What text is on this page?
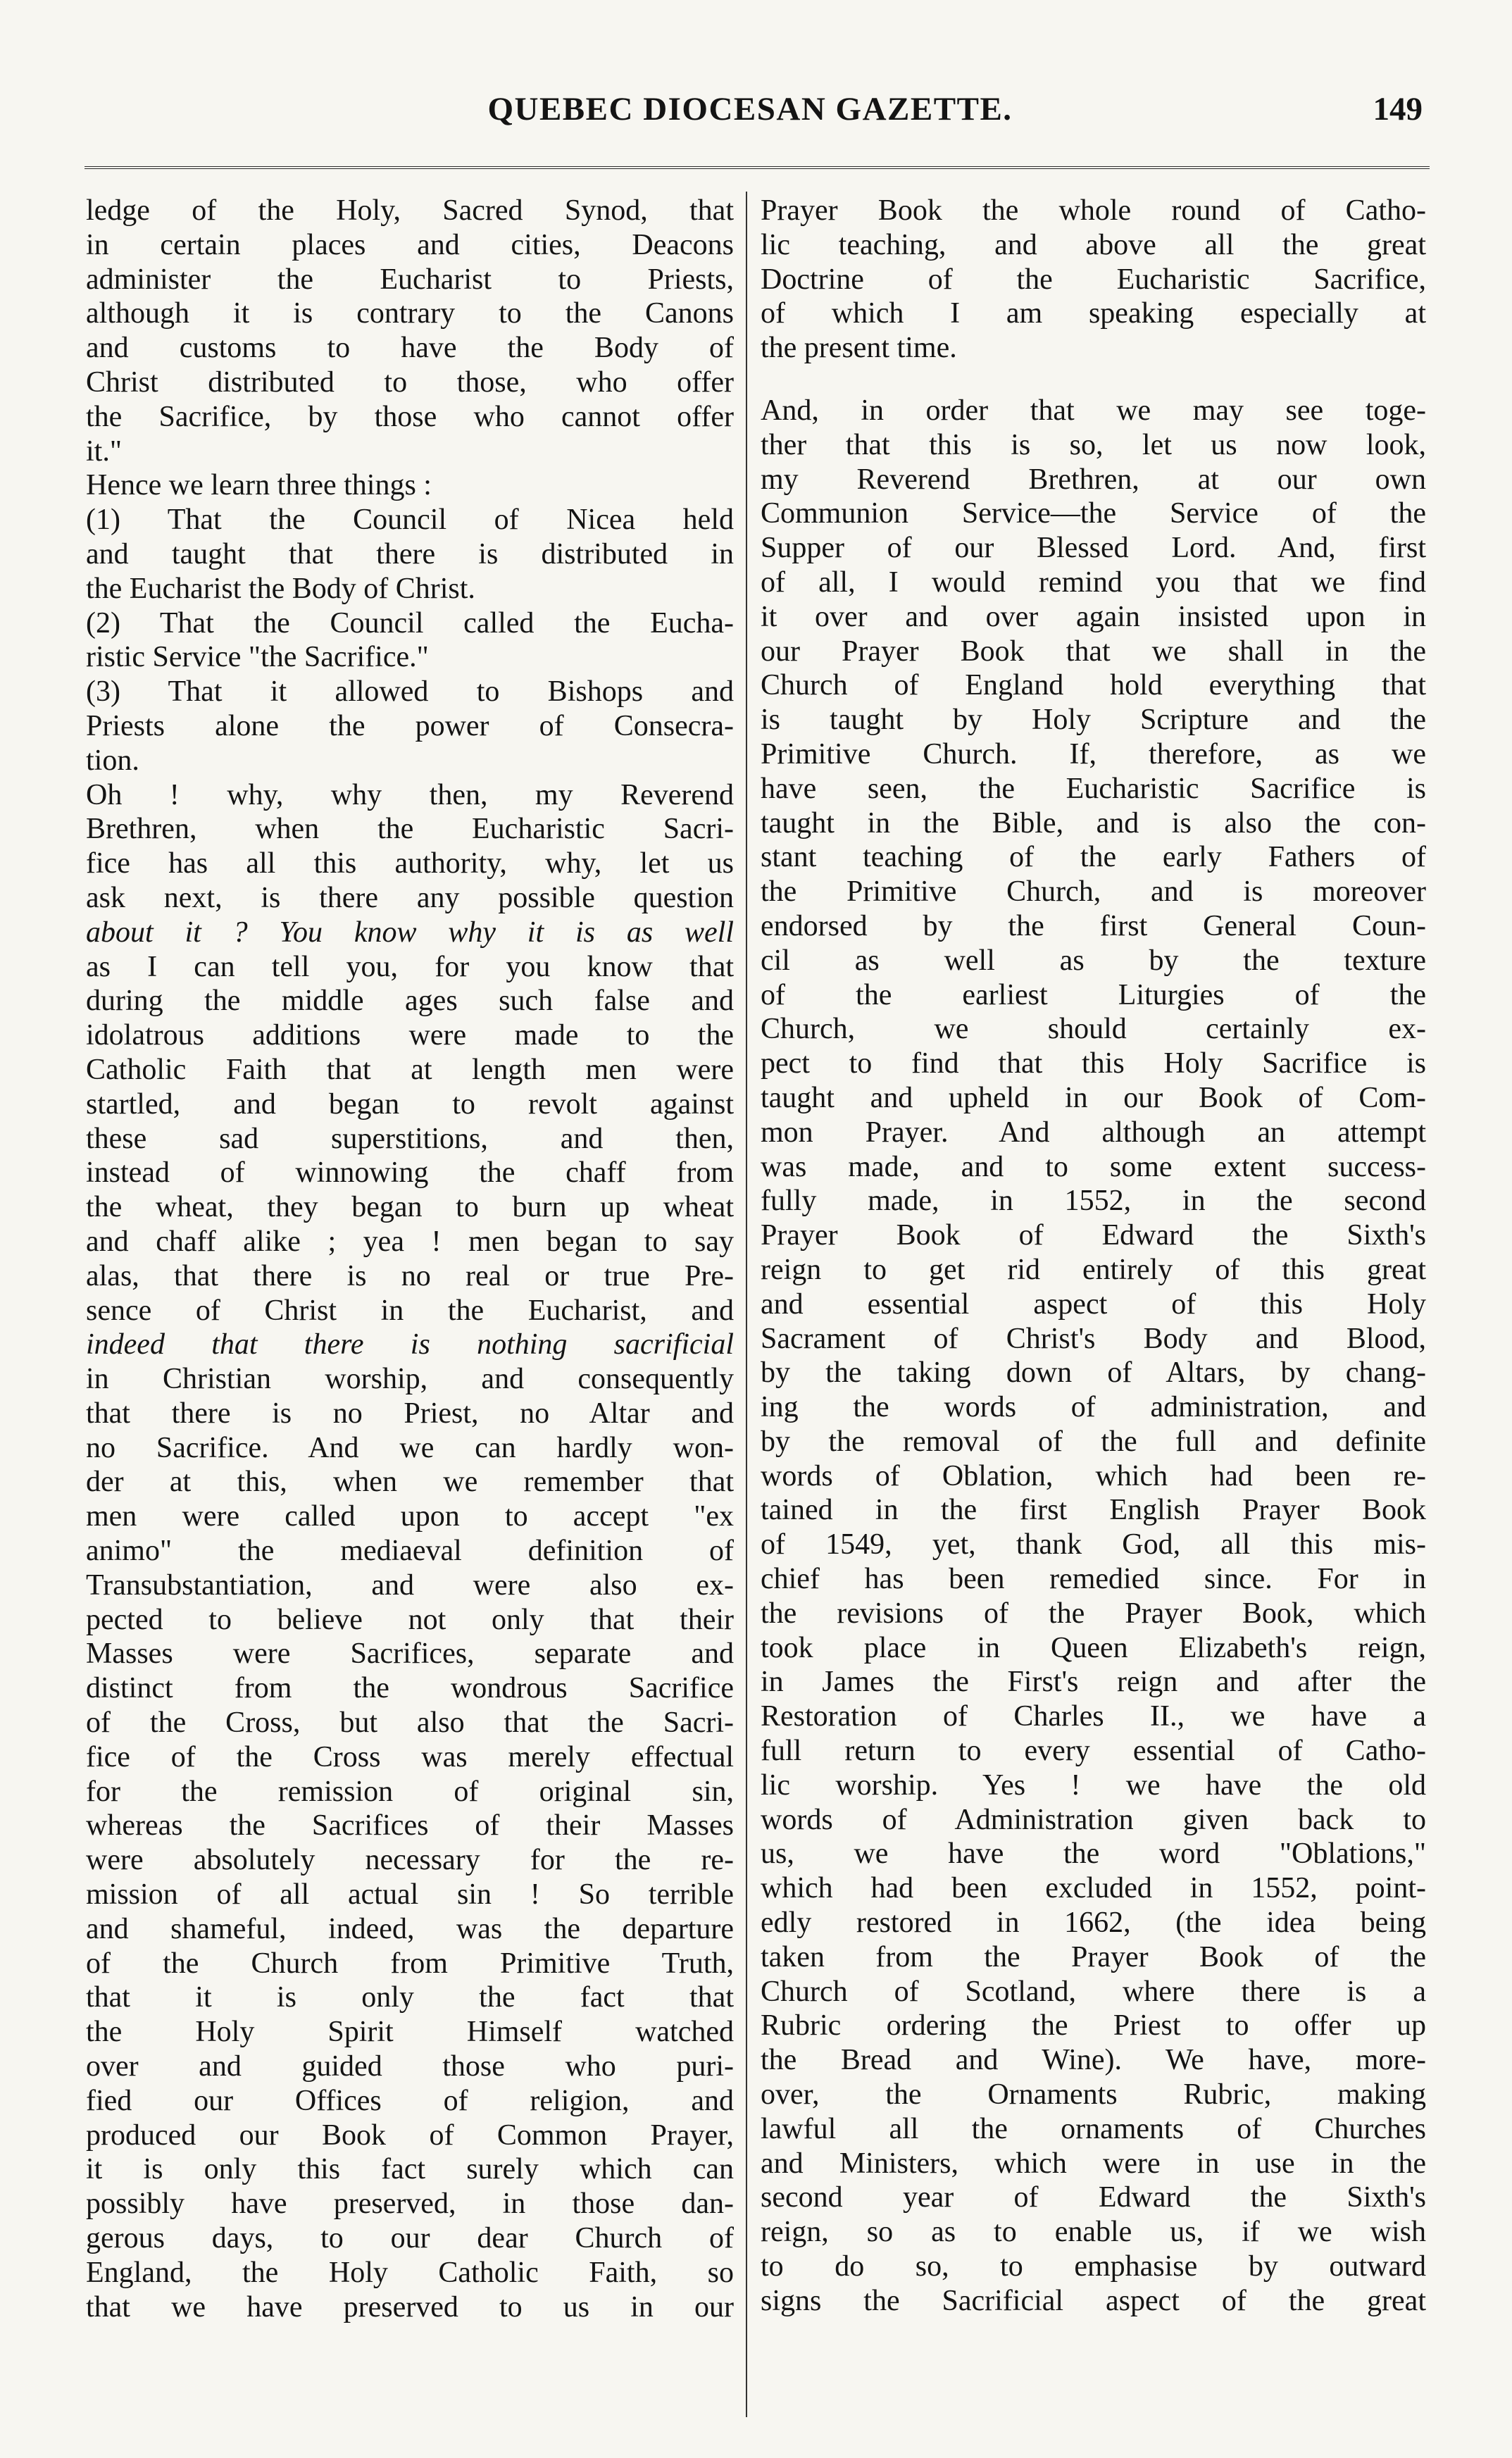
QUEBEC DIOCESAN GAZETTE.	149
ledge of the Holy, Sacred Synod, that
in certain places and cities, Deacons
administer the Eucharist to Priests,
although it is contrary to the Canons
and customs to have the Body of
Christ distributed to those, who offer
the Sacrifice, by those who cannot offer
it."
Hence we learn three things :
(1) That the Council of Nicea held
and taught that there is distributed in
the Eucharist the Body of Christ.
(2) That the Council called the Eucha-
ristic Service "the Sacrifice."
(3) That it allowed to Bishops and
Priests alone the power of Consecra-
tion.
Oh ! why, why then, my Reverend
Brethren, when the Eucharistic Sacri-
fice has all this authority, why, let us
ask next, is there any possible question
about it ? You know why it is as well
as I can tell you, for you know that
during the middle ages such false and
idolatrous additions were made to the
Catholic Faith that at length men were
startled, and began to revolt against
these sad superstitions, and then,
instead of winnowing the chaff from
the wheat, they began to burn up wheat
and chaff alike ; yea ! men began to say
alas, that there is no real or true Pre-
sence of Christ in the Eucharist, and
indeed that there is nothing sacrificial
in Christian worship, and consequently
that there is no Priest, no Altar and
no Sacrifice. And we can hardly won-
der at this, when we remember that
men were called upon to accept "ex
animo" the mediaeval definition of
Transubstantiation, and were also ex-
pected to believe not only that their
Masses were Sacrifices, separate and
distinct from the wondrous Sacrifice
of the Cross, but also that the Sacri-
fice of the Cross was merely effectual
for the remission of original sin,
whereas the Sacrifices of their Masses
were absolutely necessary for the re-
mission of all actual sin ! So terrible
and shameful, indeed, was the departure
of the Church from Primitive Truth,
that it is only the fact that
the Holy Spirit Himself watched
over and guided those who puri-
fied our Offices of religion, and
produced our Book of Common Prayer,
it is only this fact surely which can
possibly have preserved, in those dan-
gerous days, to our dear Church of
England, the Holy Catholic Faith, so
that we have preserved to us in our
Prayer Book the whole round of Catho-
lic teaching, and above all the great
Doctrine of the Eucharistic Sacrifice,
of which I am speaking especially at
the present time.
And, in order that we may see toge-
ther that this is so, let us now look,
my Reverend Brethren, at our own
Communion Service—the Service of the
Supper of our Blessed Lord. And, first
of all, I would remind you that we find
it over and over again insisted upon in
our Prayer Book that we shall in the
Church of England hold everything that
is taught by Holy Scripture and the
Primitive Church. If, therefore, as we
have seen, the Eucharistic Sacrifice is
taught in the Bible, and is also the con-
stant teaching of the early Fathers of
the Primitive Church, and is moreover
endorsed by the first General Coun-
cil as well as by the texture
of the earliest Liturgies of the
Church, we should certainly ex-
pect to find that this Holy Sacrifice is
taught and upheld in our Book of Com-
mon Prayer. And although an attempt
was made, and to some extent success-
fully made, in 1552, in the second
Prayer Book of Edward the Sixth's
reign to get rid entirely of this great
and essential aspect of this Holy
Sacrament of Christ's Body and Blood,
by the taking down of Altars, by chang-
ing the words of administration, and
by the removal of the full and definite
words of Oblation, which had been re-
tained in the first English Prayer Book
of 1549, yet, thank God, all this mis-
chief has been remedied since. For in
the revisions of the Prayer Book, which
took place in Queen Elizabeth's reign,
in James the First's reign and after the
Restoration of Charles II., we have a
full return to every essential of Catho-
lic worship. Yes ! we have the old
words of Administration given back to
us, we have the word "Oblations,"
which had been excluded in 1552, point-
edly restored in 1662, (the idea being
taken from the Prayer Book of the
Church of Scotland, where there is a
Rubric ordering the Priest to offer up
the Bread and Wine). We have, more-
over, the Ornaments Rubric, making
lawful all the ornaments of Churches
and Ministers, which were in use in the
second year of Edward the Sixth's
reign, so as to enable us, if we wish
to do so, to emphasise by outward
signs the Sacrificial aspect of the great
